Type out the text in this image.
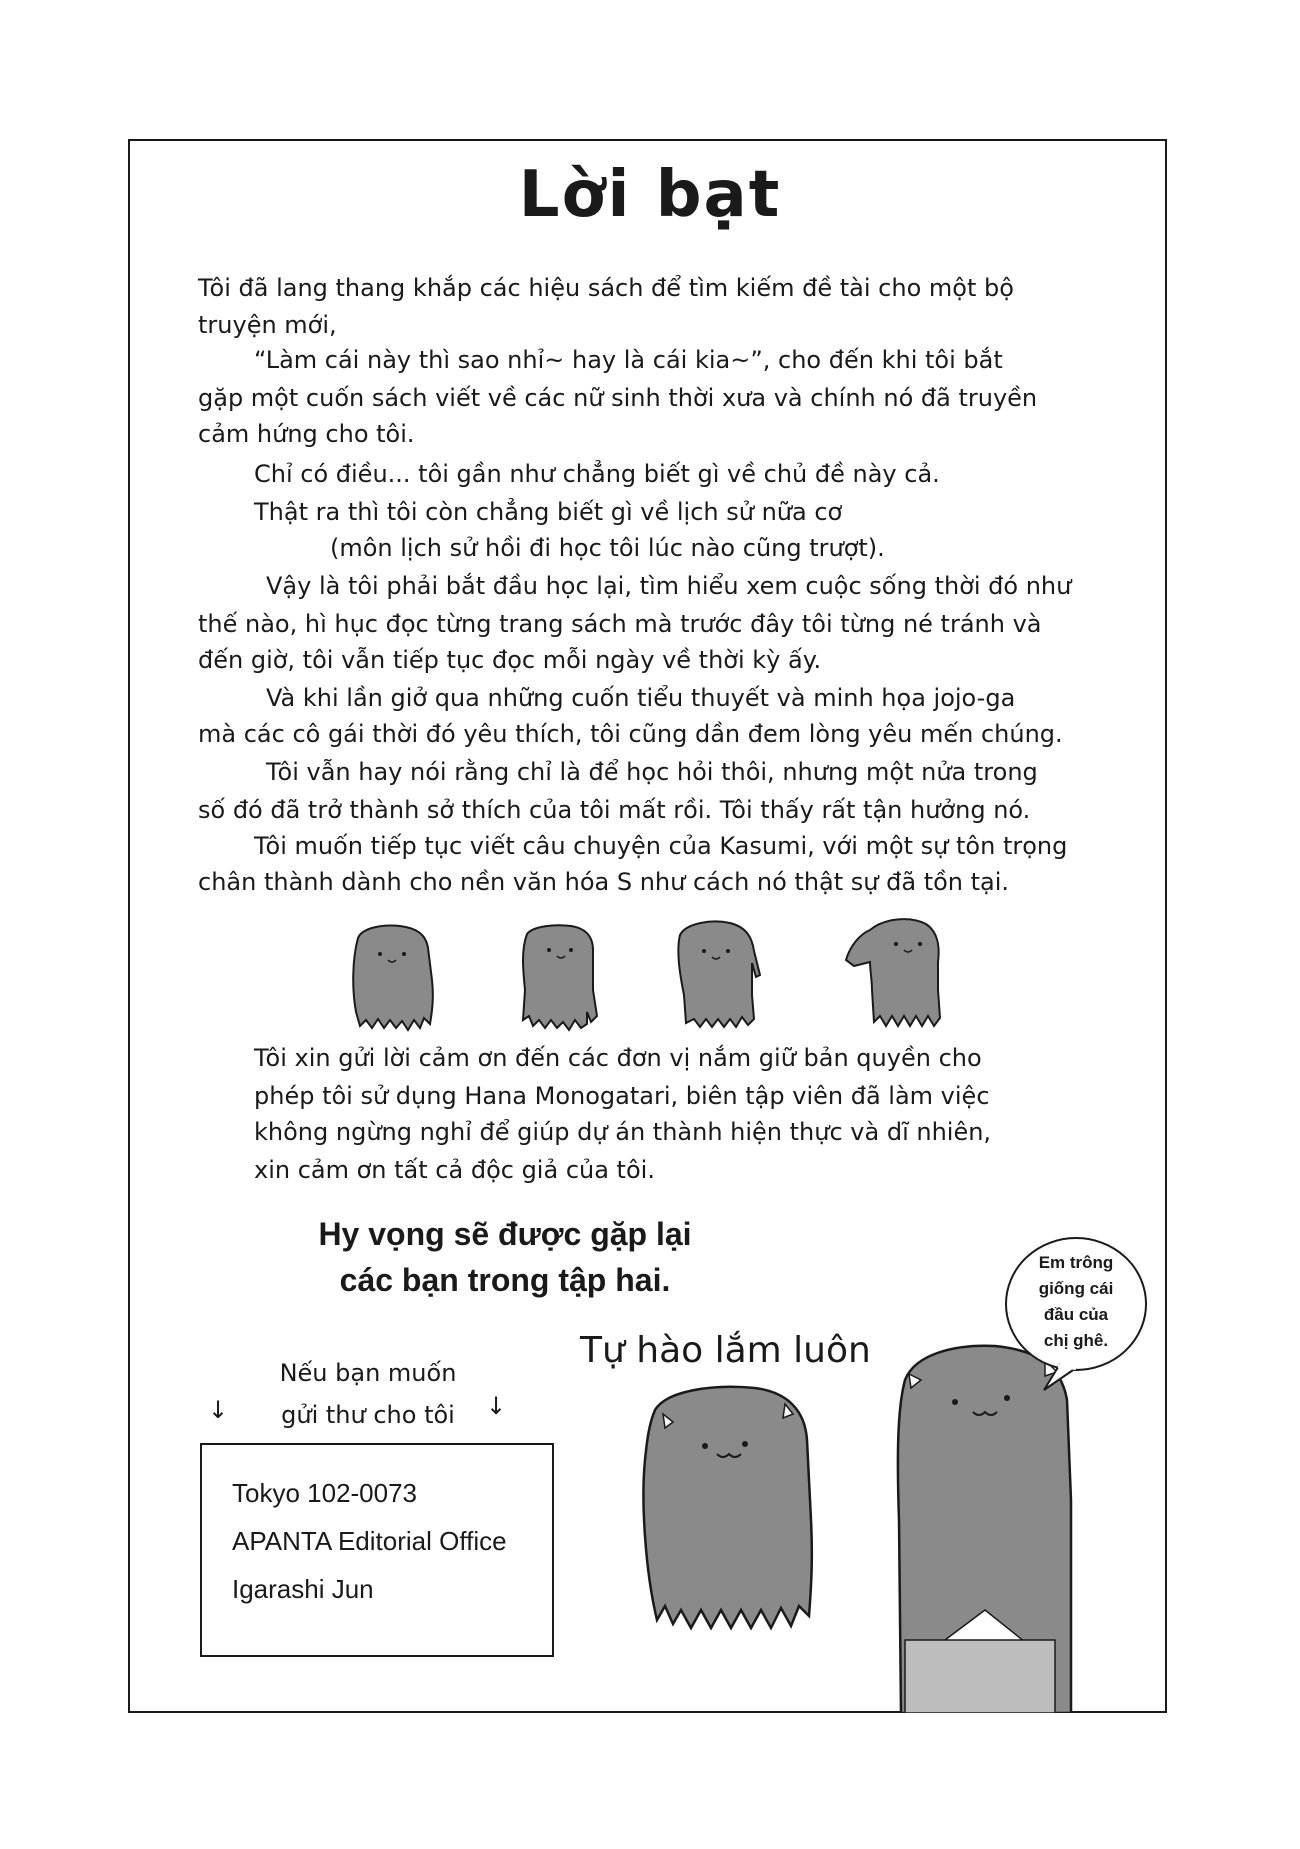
Lời bạt
Tôi đã lang thang khắp các hiệu sách để tìm kiếm đề tài cho một bộ
truyện mới,
“Làm cái này thì sao nhỉ~ hay là cái kia~”, cho đến khi tôi bắt
gặp một cuốn sách viết về các nữ sinh thời xưa và chính nó đã truyền
cảm hứng cho tôi.
Chỉ có điều... tôi gần như chẳng biết gì về chủ đề này cả.
Thật ra thì tôi còn chẳng biết gì về lịch sử nữa cơ
(môn lịch sử hồi đi học tôi lúc nào cũng trượt).
Vậy là tôi phải bắt đầu học lại, tìm hiểu xem cuộc sống thời đó như
thế nào, hì hục đọc từng trang sách mà trước đây tôi từng né tránh và
đến giờ, tôi vẫn tiếp tục đọc mỗi ngày về thời kỳ ấy.
Và khi lần giở qua những cuốn tiểu thuyết và minh họa jojo-ga
mà các cô gái thời đó yêu thích, tôi cũng dần đem lòng yêu mến chúng.
Tôi vẫn hay nói rằng chỉ là để học hỏi thôi, nhưng một nửa trong
số đó đã trở thành sở thích của tôi mất rồi. Tôi thấy rất tận hưởng nó.
Tôi muốn tiếp tục viết câu chuyện của Kasumi, với một sự tôn trọng
chân thành dành cho nền văn hóa S như cách nó thật sự đã tồn tại.
Tôi xin gửi lời cảm ơn đến các đơn vị nắm giữ bản quyền cho
phép tôi sử dụng Hana Monogatari, biên tập viên đã làm việc
không ngừng nghỉ để giúp dự án thành hiện thực và dĩ nhiên,
xin cảm ơn tất cả độc giả của tôi.
Hy vọng sẽ được gặp lại
các bạn trong tập hai.
Tự hào lắm luôn
Nếu bạn muốn
gửi thư cho tôi
↓	↓
Tokyo 102-0073
APANTA Editorial Office
Igarashi Jun
Em trông
giống cái
đầu của
chị ghê.
